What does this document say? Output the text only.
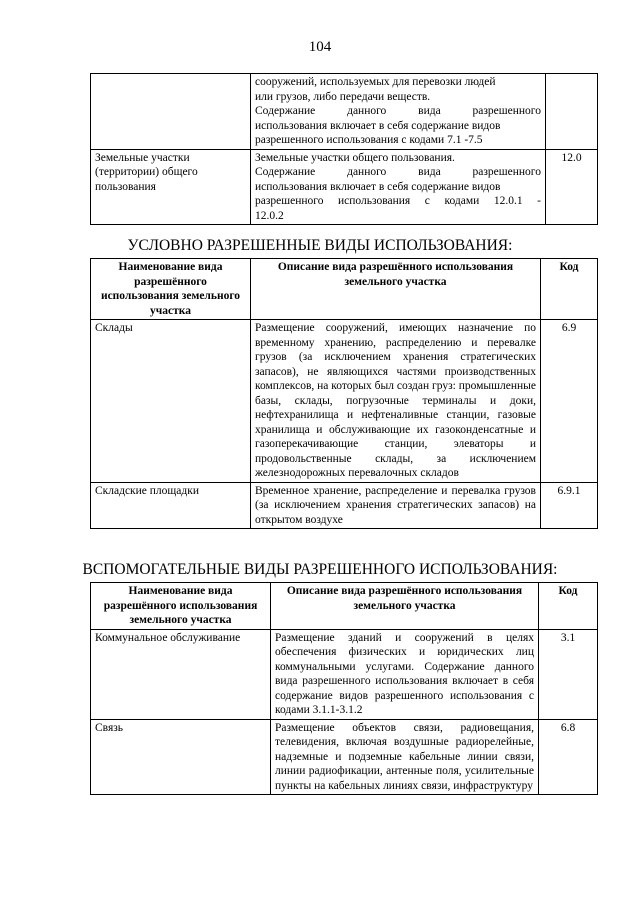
104

	сооружений, используемых для перевозки людей
или грузов, либо передачи веществ.
Содержание данного вида разрешенного
использования включает в себя содержание видов
разрешенного использования с кодами 7.1 -7.5	

Земельные участки (территории) общего пользования	Земельные участки общего пользования.
Содержание данного вида разрешенного
использования включает в себя содержание видов
разрешенного использования с кодами 12.0.1 -
12.0.2	12.0
УСЛОВНО РАЗРЕШЕННЫЕ ВИДЫ ИСПОЛЬЗОВАНИЯ:
Наименование вида разрешённого использования земельного участка	Описание вида разрешённого использования земельного участка	Код
Склады	Размещение сооружений, имеющих назначение по временному хранению, распределению и перевалке грузов (за исключением хранения стратегических запасов), не являющихся частями производственных комплексов, на которых был создан груз: промышленные базы, склады, погрузочные терминалы и доки, нефтехранилища и нефтеналивные станции, газовые хранилища и обслуживающие их газоконденсатные и газоперекачивающие станции, элеваторы и продовольственные склады, за исключением железнодорожных перевалочных складов	6.9
Складские площадки	Временное хранение, распределение и перевалка грузов (за исключением хранения стратегических запасов) на открытом воздухе	6.9.1
ВСПОМОГАТЕЛЬНЫЕ ВИДЫ РАЗРЕШЕННОГО ИСПОЛЬЗОВАНИЯ:
Наименование вида разрешённого использования земельного участка	Описание вида разрешённого использования земельного участка	Код
Коммунальное обслуживание	Размещение зданий и сооружений в целях обеспечения физических и юридических лиц коммунальными услугами. Содержание данного вида разрешенного использования включает в себя содержание видов разрешенного использования с кодами 3.1.1-3.1.2	3.1
Связь	Размещение объектов связи, радиовещания, телевидения, включая воздушные радиорелейные, надземные и подземные кабельные линии связи, линии радиофикации, антенные поля, усилительные пункты на кабельных линиях связи, инфраструктуру	6.8
